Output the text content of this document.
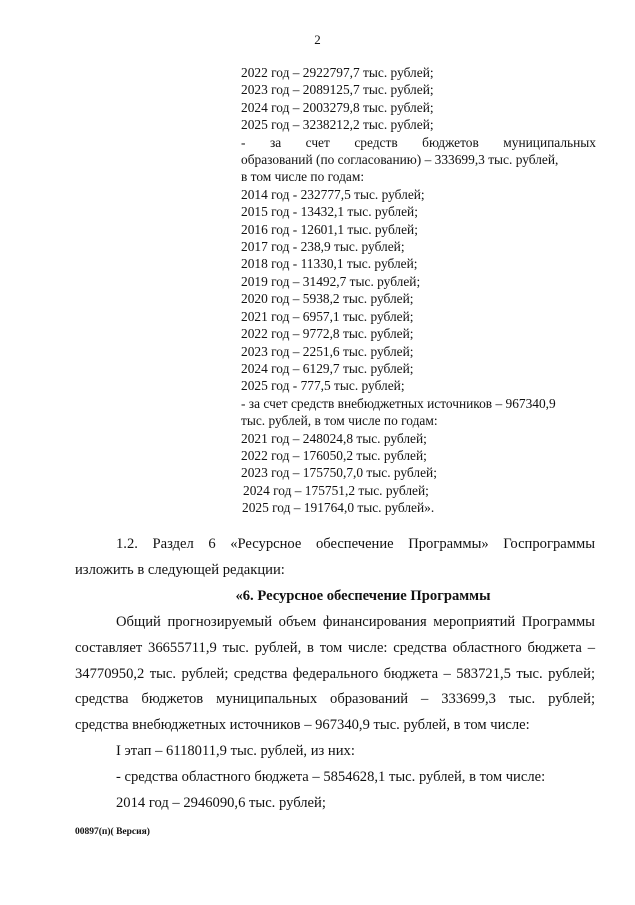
2
2022 год – 2922797,7 тыс. рублей;
2023 год – 2089125,7 тыс. рублей;
2024 год – 2003279,8 тыс. рублей;
2025 год – 3238212,2 тыс. рублей;
- за счет средств бюджетов муниципальных
образований (по согласованию) – 333699,3 тыс. рублей,
в том числе по годам:
2014 год - 232777,5 тыс. рублей;
2015 год - 13432,1 тыс. рублей;
2016 год - 12601,1 тыс. рублей;
2017 год - 238,9 тыс. рублей;
2018 год - 11330,1 тыс. рублей;
2019 год – 31492,7 тыс. рублей;
2020 год – 5938,2 тыс. рублей;
2021 год – 6957,1 тыс. рублей;
2022 год – 9772,8 тыс. рублей;
2023 год – 2251,6 тыс. рублей;
2024 год – 6129,7 тыс. рублей;
2025 год - 777,5 тыс. рублей;
- за счет средств внебюджетных источников – 967340,9
тыс. рублей, в том числе по годам:
2021 год – 248024,8 тыс. рублей;
2022 год – 176050,2 тыс. рублей;
2023 год – 175750,7,0 тыс. рублей;
2024 год – 175751,2 тыс. рублей;
2025 год – 191764,0 тыс. рублей».
1.2. Раздел 6 «Ресурсное обеспечение Программы» Госпрограммы
изложить в следующей редакции:
«6. Ресурсное обеспечение Программы
Общий прогнозируемый объем финансирования мероприятий Программы
составляет 36655711,9 тыс. рублей, в том числе: средства областного бюджета –
34770950,2 тыс. рублей; средства федерального бюджета – 583721,5 тыс. рублей;
средства бюджетов муниципальных образований – 333699,3 тыс. рублей;
средства внебюджетных источников – 967340,9 тыс. рублей, в том числе:
I этап – 6118011,9 тыс. рублей, из них:
- средства областного бюджета – 5854628,1 тыс. рублей, в том числе:
2014 год – 2946090,6 тыс. рублей;
00897(п)( Версия)
